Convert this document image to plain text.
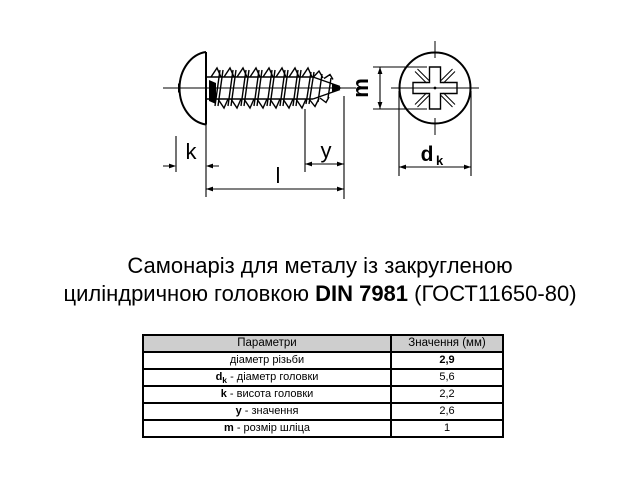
k	y
l
m
d k
Самонаріз для металу із закругленою
циліндричною головкою DIN 7981 (ГОСТ11650-80)
Параметри	Значення (мм)
діаметр різьби	2,9
$d_k$ - діаметр головки	5,6
k - висота головки	2,2
y - значення	2,6
m - розмір шліца	1
